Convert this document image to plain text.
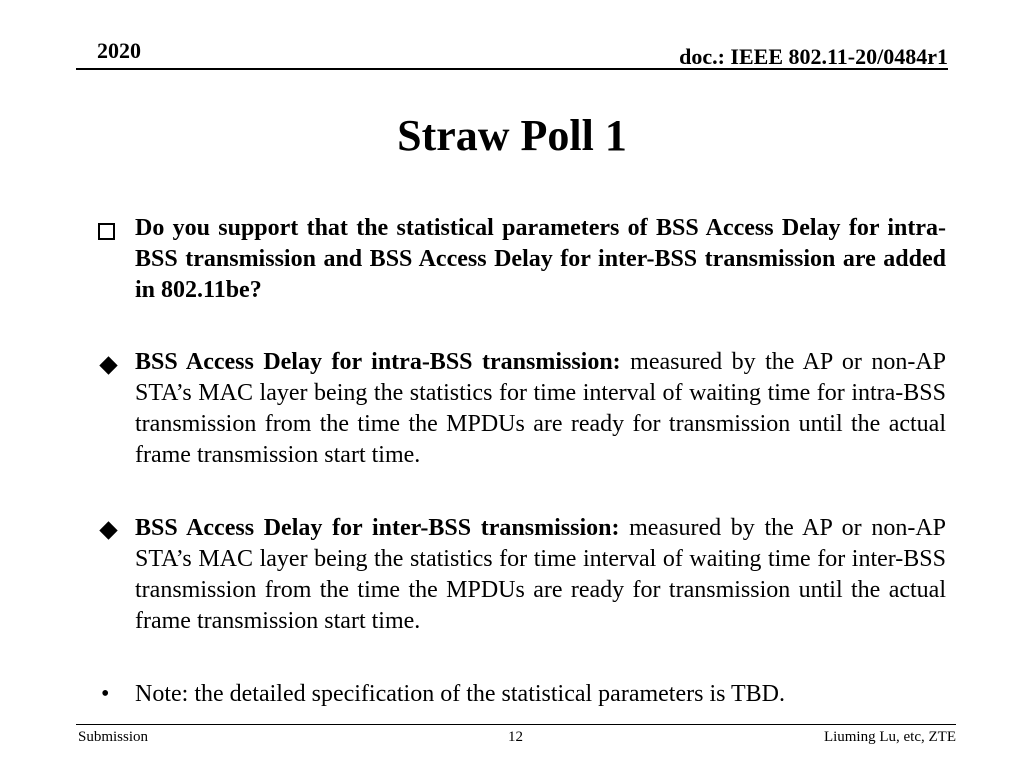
2020	doc.: IEEE 802.11-20/0484r1
Straw Poll 1
Do you support that the statistical parameters of BSS Access Delay for intra-BSS transmission and BSS Access Delay for inter-BSS transmission are added in 802.11be?
BSS Access Delay for intra-BSS transmission: measured by the AP or non-AP STA’s MAC layer being the statistics for time interval of waiting time for intra-BSS transmission from the time the MPDUs are ready for transmission until the actual frame transmission start time.
BSS Access Delay for inter-BSS transmission: measured by the AP or non-AP STA’s MAC layer being the statistics for time interval of waiting time for inter-BSS transmission from the time the MPDUs are ready for transmission until the actual frame transmission start time.
•	Note: the detailed specification of the statistical parameters is TBD.
Submission	12	Liuming Lu, etc, ZTE
